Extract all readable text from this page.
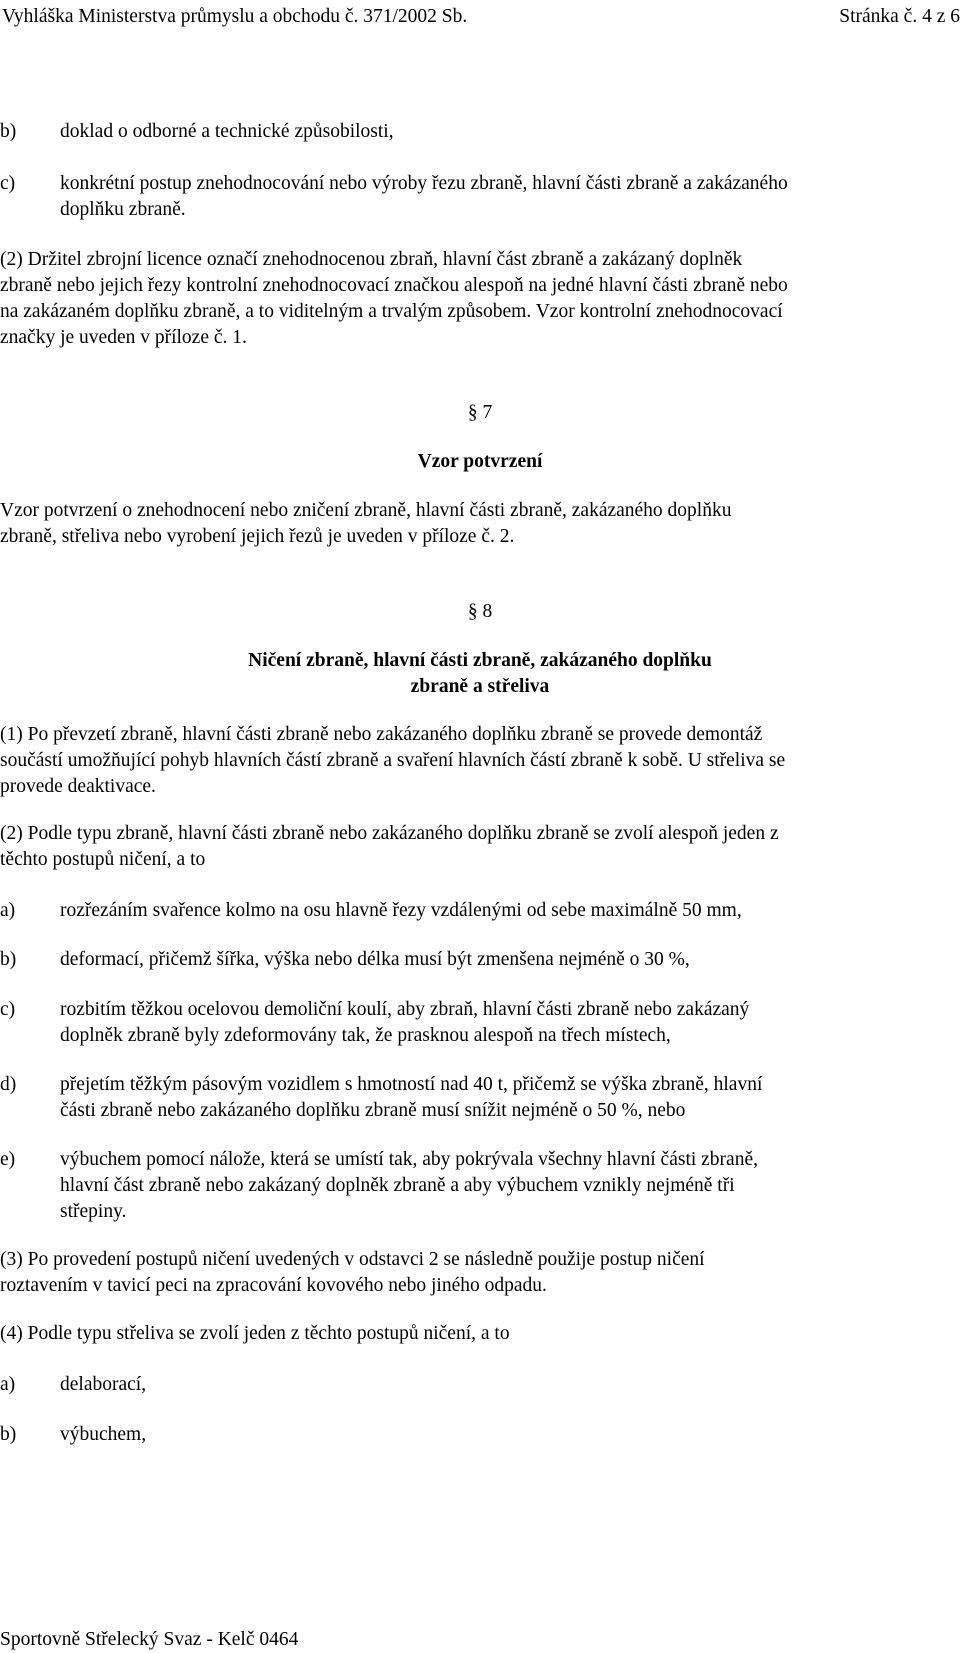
Vyhláška Ministerstva průmyslu a obchodu č. 371/2002 Sb.	Stránka č. 4 z 6
b) doklad o odborné a technické způsobilosti,
c) konkrétní postup znehodnocování nebo výroby řezu zbraně, hlavní části zbraně a zakázaného
doplňku zbraně.
(2) Držitel zbrojní licence označí znehodnocenou zbraň, hlavní část zbraně a zakázaný doplněk
zbraně nebo jejich řezy kontrolní znehodnocovací značkou alespoň na jedné hlavní části zbraně nebo
na zakázaném doplňku zbraně, a to viditelným a trvalým způsobem. Vzor kontrolní znehodnocovací
značky je uveden v příloze č. 1.
§ 7
Vzor potvrzení
Vzor potvrzení o znehodnocení nebo zničení zbraně, hlavní části zbraně, zakázaného doplňku
zbraně, střeliva nebo vyrobení jejich řezů je uveden v příloze č. 2.
§ 8
Ničení zbraně, hlavní části zbraně, zakázaného doplňku
zbraně a střeliva
(1) Po převzetí zbraně, hlavní části zbraně nebo zakázaného doplňku zbraně se provede demontáž
součástí umožňující pohyb hlavních částí zbraně a svaření hlavních částí zbraně k sobě. U střeliva se
provede deaktivace.
(2) Podle typu zbraně, hlavní části zbraně nebo zakázaného doplňku zbraně se zvolí alespoň jeden z
těchto postupů ničení, a to
a) rozřezáním svařence kolmo na osu hlavně řezy vzdálenými od sebe maximálně 50 mm,
b) deformací, přičemž šířka, výška nebo délka musí být zmenšena nejméně o 30 %,
c) rozbitím těžkou ocelovou demoliční koulí, aby zbraň, hlavní části zbraně nebo zakázaný
doplněk zbraně byly zdeformovány tak, že prasknou alespoň na třech místech,
d) přejetím těžkým pásovým vozidlem s hmotností nad 40 t, přičemž se výška zbraně, hlavní
části zbraně nebo zakázaného doplňku zbraně musí snížit nejméně o 50 %, nebo
e) výbuchem pomocí nálože, která se umístí tak, aby pokrývala všechny hlavní části zbraně,
hlavní část zbraně nebo zakázaný doplněk zbraně a aby výbuchem vznikly nejméně tři
střepiny.
(3) Po provedení postupů ničení uvedených v odstavci 2 se následně použije postup ničení
roztavením v tavicí peci na zpracování kovového nebo jiného odpadu.
(4) Podle typu střeliva se zvolí jeden z těchto postupů ničení, a to
a) delaborací,
b) výbuchem,
Sportovně Střelecký Svaz - Kelč 0464
